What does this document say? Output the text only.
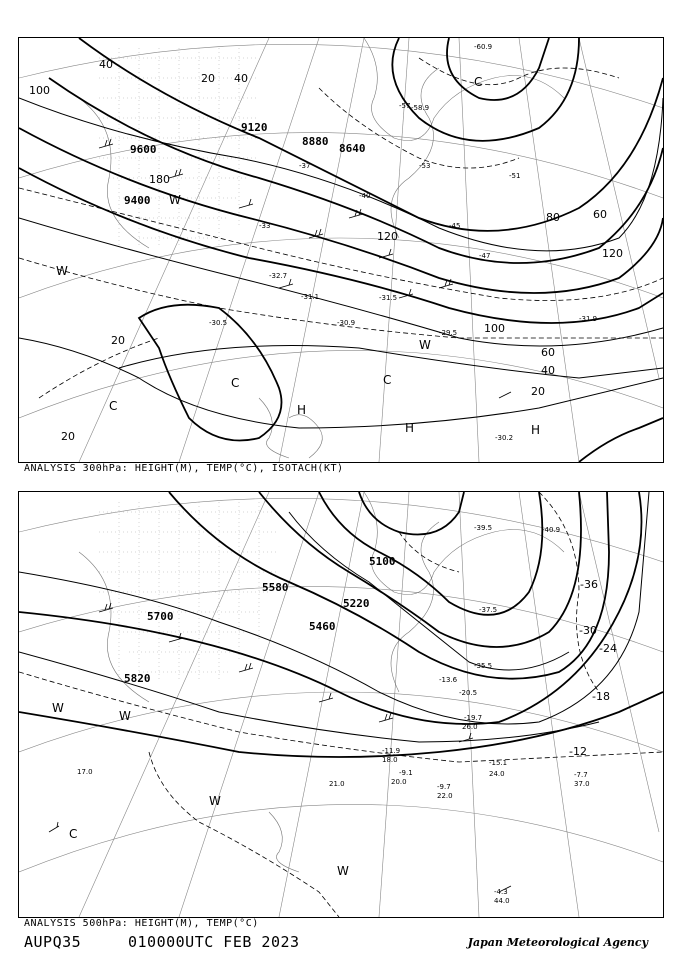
9600
9120
8880
8640
9400
20 40
60
80
100
120
100
60
40
20
20
20
120
180
40
-30.5
-29.5
-31.5
-33
-37
-40
-45
-47
-51
-53
-57 -58.9
-60.9
-30.2
-31.1
-30.9
-32.7
-31.9
W
W
C
C
C
H
H	H
C
W
ANALYSIS 300hPa: HEIGHT(M), TEMP(°C), ISOTACH(KT)
5820
5700
5580
5460
5220
5100
-12
-18
-24
-30
-36
-40.9
-39.5
-37.5
-15.1
-19.7
-20.5
-9.1
-9.7
-7.7
-4.3
-11.9
-13.6
-35.5
24.0
22.0
20.0
18.0
17.0
44.0
37.0
21.0
26.0
W
W
W
C
W
ANALYSIS 500hPa: HEIGHT(M), TEMP(°C)
AUPQ35	010000UTC FEB 2023	Japan Meteorological Agency
